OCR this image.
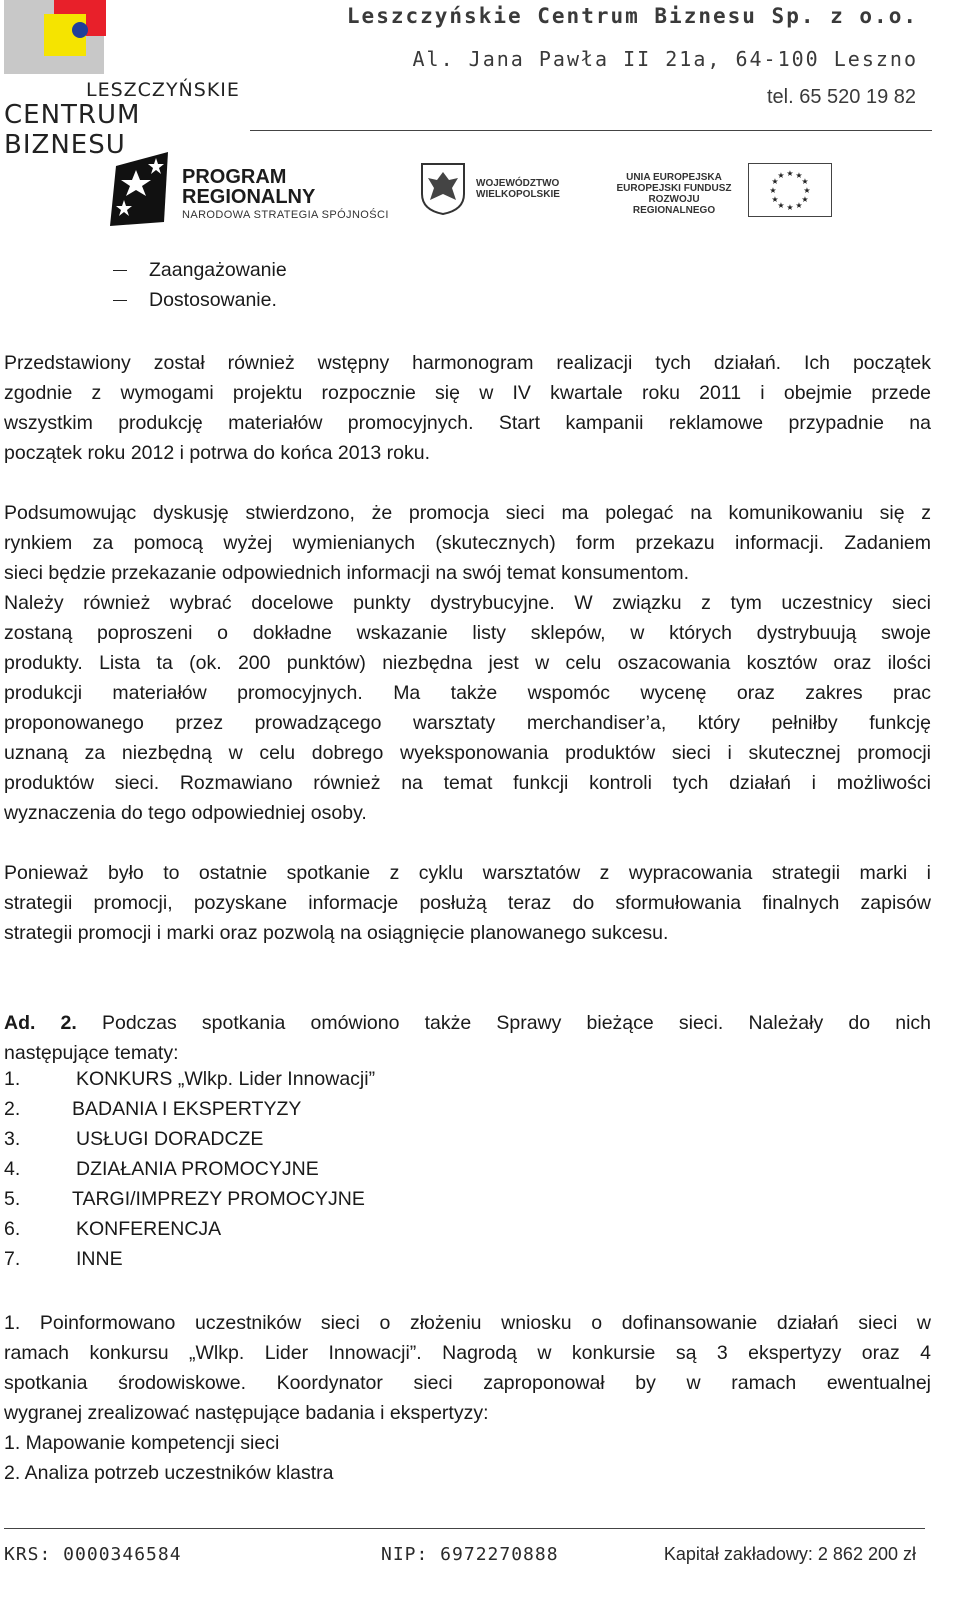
LESZCZYŃSKIE
CENTRUM BIZNESU
Leszczyńskie Centrum Biznesu Sp. z o.o.
Al. Jana Pawła II 21a, 64-100 Leszno
tel. 65 520 19 82
PROGRAM
REGIONALNY
NARODOWA STRATEGIA SPÓJNOŚCI
WOJEWÓDZTWO
WIELKOPOLSKIE
UNIA EUROPEJSKA
EUROPEJSKI FUNDUSZ
ROZWOJU REGIONALNEGO
★ ★
★
★
★
★
★
★
★
★
★
★
Zaangażowanie
Dostosowanie.
Przedstawiony został również wstępny harmonogram realizacji tych działań. Ich początek
zgodnie z wymogami projektu rozpocznie się w IV kwartale roku 2011 i obejmie przede
wszystkim produkcję materiałów promocyjnych. Start kampanii reklamowe przypadnie na
początek roku 2012 i potrwa do końca 2013 roku.
Podsumowując dyskusję stwierdzono, że promocja sieci ma polegać na komunikowaniu się z
rynkiem za pomocą wyżej wymienianych (skutecznych) form przekazu informacji. Zadaniem
sieci będzie przekazanie odpowiednich informacji na swój temat konsumentom.
Należy również wybrać docelowe punkty dystrybucyjne. W związku z tym uczestnicy sieci
zostaną poproszeni o dokładne wskazanie listy sklepów, w których dystrybuują swoje
produkty. Lista ta (ok. 200 punktów) niezbędna jest w celu oszacowania kosztów oraz ilości
produkcji materiałów promocyjnych. Ma także wspomóc wycenę oraz zakres prac
proponowanego przez prowadzącego warsztaty merchandiser’a, który pełniłby funkcję
uznaną za niezbędną w celu dobrego wyeksponowania produktów sieci i skutecznej promocji
produktów sieci. Rozmawiano również na temat funkcji kontroli tych działań i możliwości
wyznaczenia do tego odpowiedniej osoby.
Ponieważ było to ostatnie spotkanie z cyklu warsztatów z wypracowania strategii marki i
strategii promocji, pozyskane informacje posłużą teraz do sformułowania finalnych zapisów
strategii promocji i marki oraz pozwolą na osiągnięcie planowanego sukcesu.
Ad. 2. Podczas spotkania omówiono także Sprawy bieżące sieci. Należały do nich
następujące tematy:
1.	KONKURS „Wlkp. Lider Innowacji”
2.	BADANIA I EKSPERTYZY
3.	USŁUGI DORADCZE
4.	DZIAŁANIA PROMOCYJNE
5.	TARGI/IMPREZY PROMOCYJNE
6.	KONFERENCJA
7.	INNE
1. Poinformowano uczestników sieci o złożeniu wniosku o dofinansowanie działań sieci w
ramach konkursu „Wlkp. Lider Innowacji”. Nagrodą w konkursie są 3 ekspertyzy oraz 4
spotkania środowiskowe. Koordynator sieci zaproponował by w ramach ewentualnej
wygranej zrealizować następujące badania i ekspertyzy:
1. Mapowanie kompetencji sieci
2. Analiza potrzeb uczestników klastra
KRS: 0000346584	NIP: 6972270888	Kapitał zakładowy: 2 862 200 zł
